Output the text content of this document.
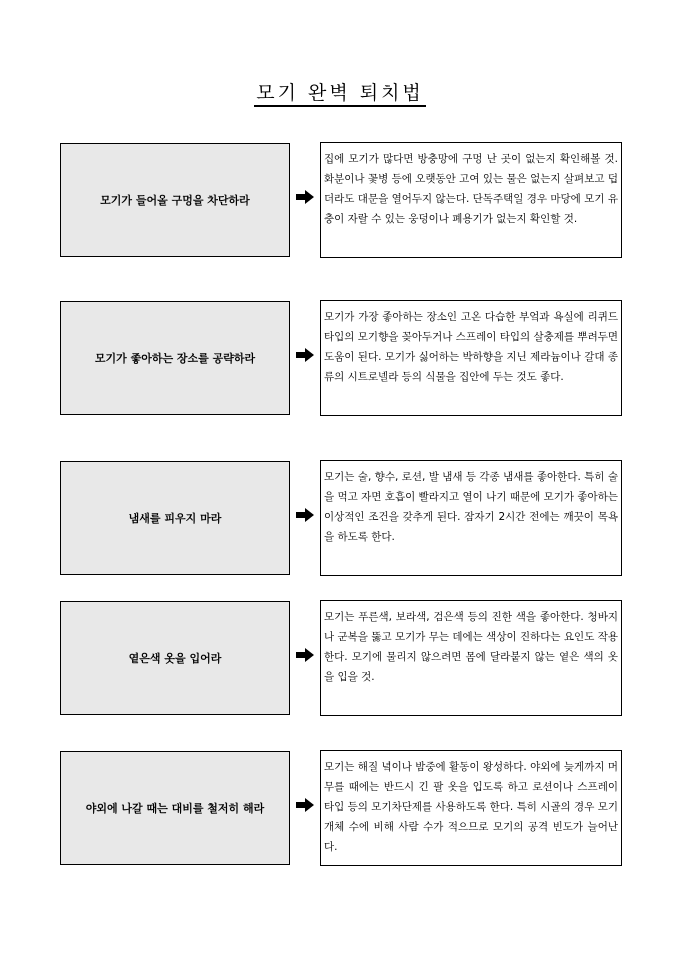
모기 완벽 퇴치법
모기가 들어올 구멍을 차단하라
집에 모기가 많다면 방충망에 구멍 난 곳이 없는지 확인해볼 것. 화분이나 꽃병 등에 오랫동안 고여 있는 물은 없는지 살펴보고 덥더라도 대문을 열어두지 않는다. 단독주택일 경우 마당에 모기 유충이 자랄 수 있는 웅덩이나 폐용기가 없는지 확인할 것.
모기가 좋아하는 장소를 공략하라
모기가 가장 좋아하는 장소인 고온 다습한 부엌과 욕실에 리퀴드 타입의 모기향을 꽂아두거나 스프레이 타입의 살충제를 뿌려두면 도움이 된다. 모기가 싫어하는 박하향을 지닌 제라늄이나 갈대 종류의 시트로넬라 등의 식물을 집안에 두는 것도 좋다.
냄새를 피우지 마라
모기는 술, 향수, 로션, 발 냄새 등 각종 냄새를 좋아한다. 특히 술을 먹고 자면 호흡이 빨라지고 열이 나기 때문에 모기가 좋아하는 이상적인 조건을 갖추게 된다. 잠자기 2시간 전에는 깨끗이 목욕을 하도록 한다.
옅은색 옷을 입어라
모기는 푸른색, 보라색, 검은색 등의 진한 색을 좋아한다. 청바지나 군복을 뚫고 모기가 무는 데에는 색상이 진하다는 요인도 작용한다. 모기에 물리지 않으려면 몸에 달라붙지 않는 옅은 색의 옷을 입을 것.
야외에 나갈 때는 대비를 철저히 해라
모기는 해질 녘이나 밤중에 활동이 왕성하다. 야외에 늦게까지 머무를 때에는 반드시 긴 팔 옷을 입도록 하고 로션이나 스프레이 타입 등의 모기차단제를 사용하도록 한다. 특히 시골의 경우 모기 개체 수에 비해 사람 수가 적으므로 모기의 공격 빈도가 늘어난다.
